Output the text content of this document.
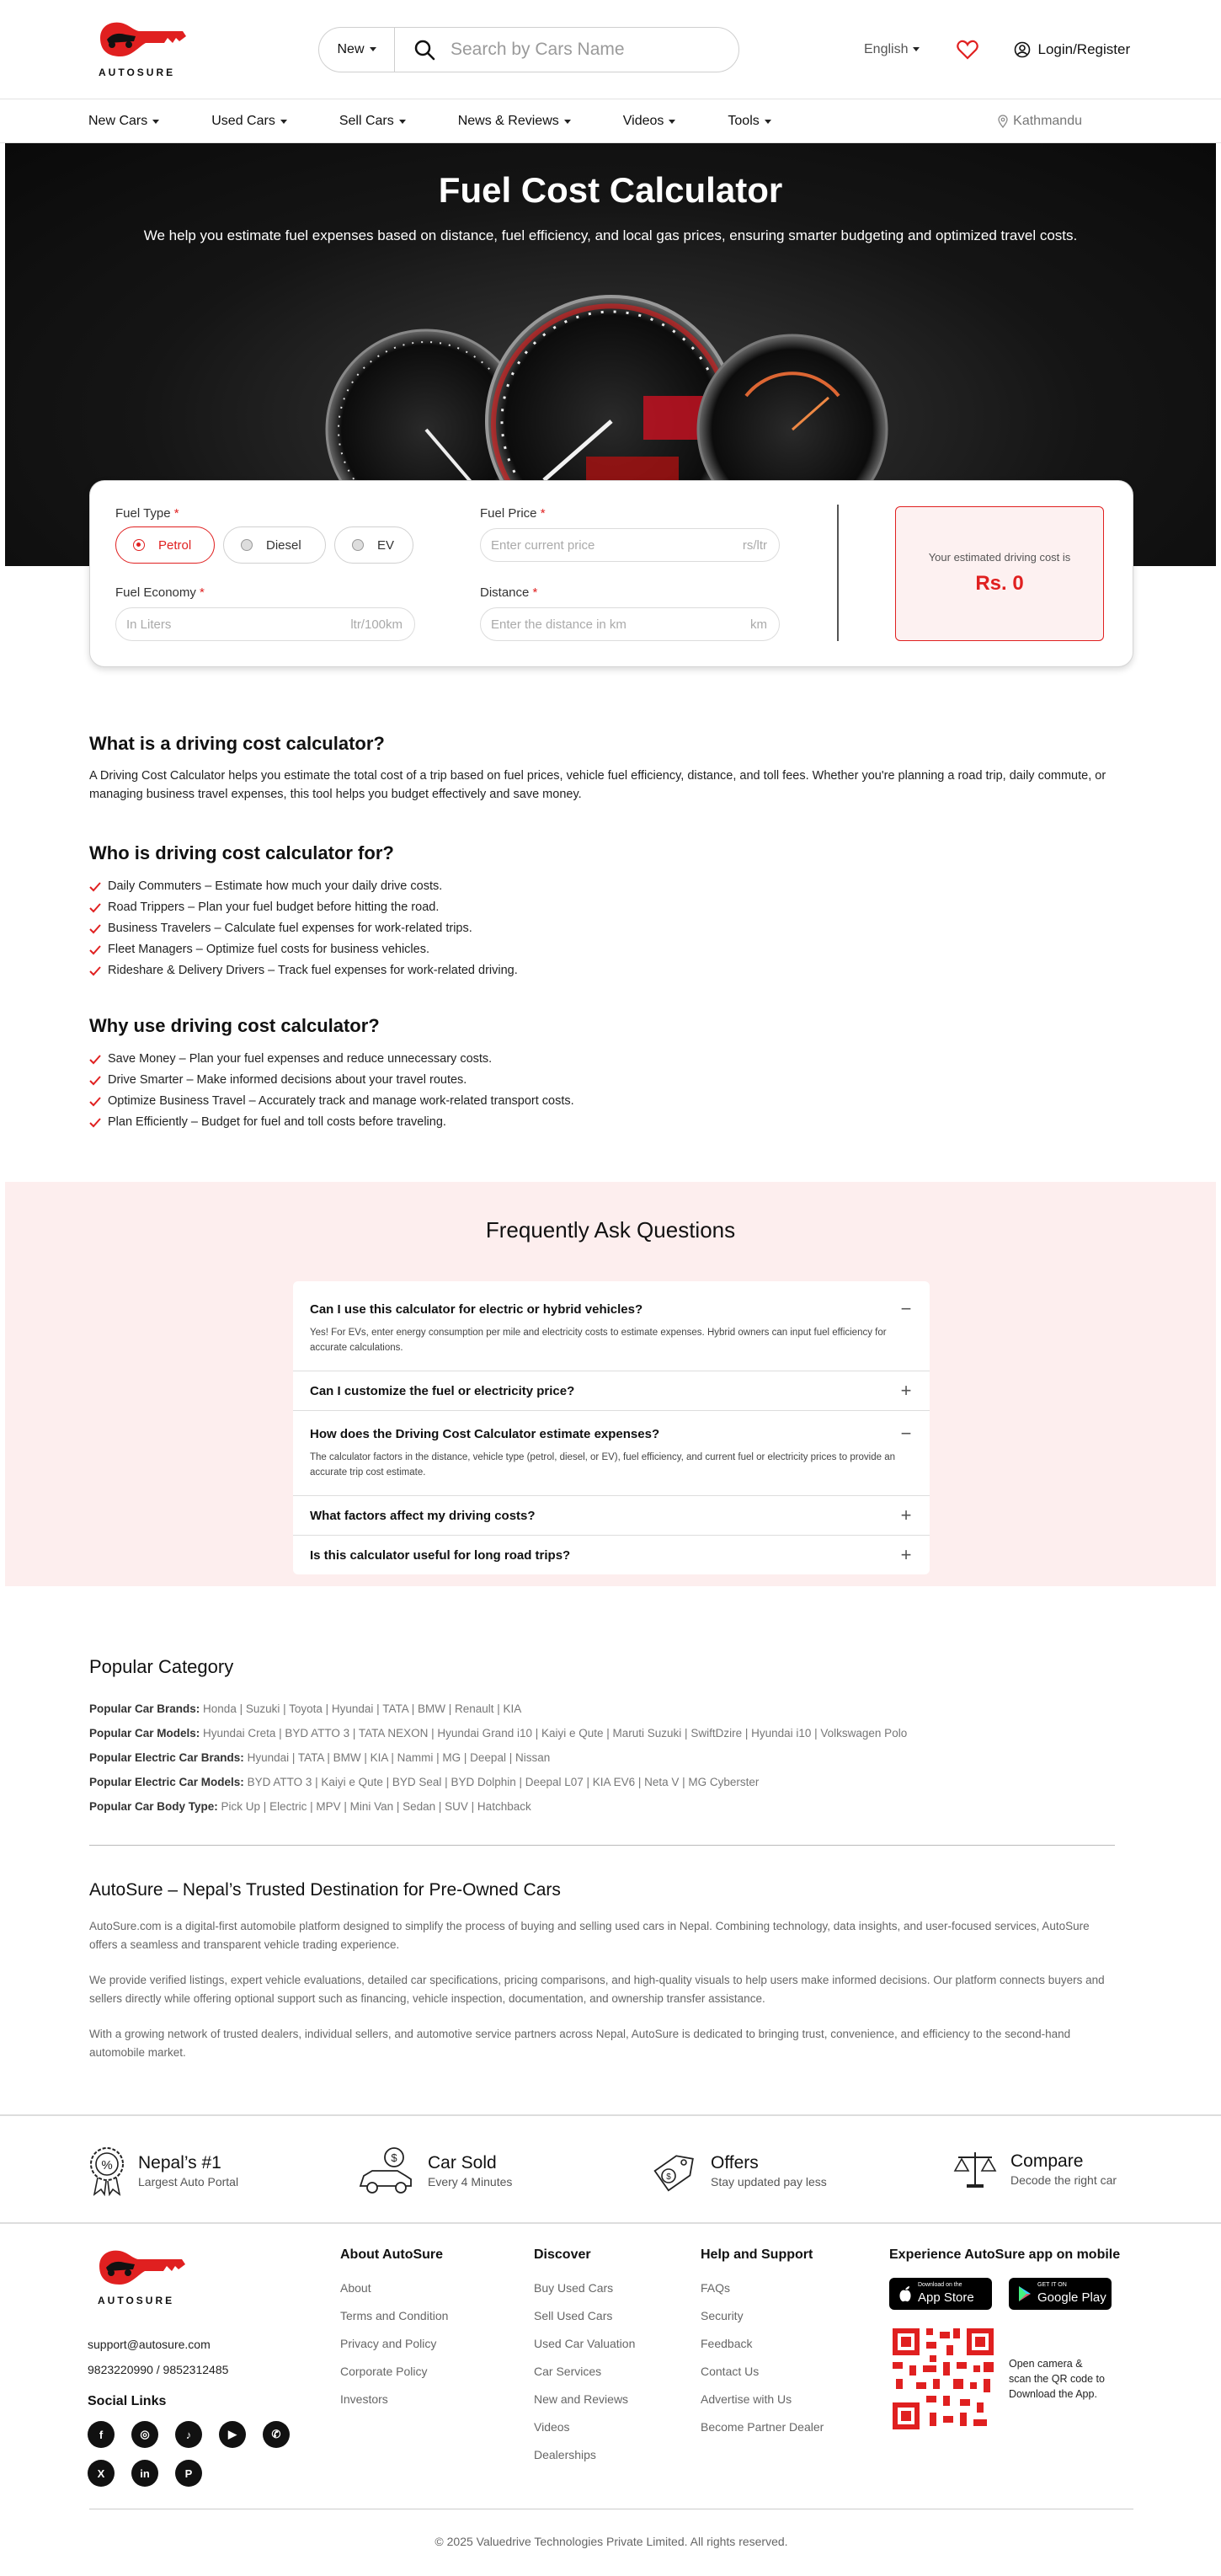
AUTOSURE
New
Search by Cars Name	English	Login/Register
New Cars	Used Cars	Sell Cars	News & Reviews	Videos	Tools	Kathmandu
Fuel Cost Calculator

We help you estimate fuel expenses based on distance, fuel efficiency, and local gas prices, ensuring smarter budgeting and optimized travel costs.

Fuel Type *
Petrol	Diesel	EV
Fuel Price *
Enter current price	rs/ltr
Fuel Economy *
In Liters	ltr/100km
Distance *
Enter the distance in km	km
Your estimated driving cost is
Rs. 0
What is a driving cost calculator?

A Driving Cost Calculator helps you estimate the total cost of a trip based on fuel prices, vehicle fuel efficiency, distance, and toll fees. Whether you're planning a road trip, daily commute, or managing business travel expenses, this tool helps you budget effectively and save money.

Who is driving cost calculator for?
Daily Commuters – Estimate how much your daily drive costs.
Road Trippers – Plan your fuel budget before hitting the road.
Business Travelers – Calculate fuel expenses for work-related trips.
Fleet Managers – Optimize fuel costs for business vehicles.
Rideshare & Delivery Drivers – Track fuel expenses for work-related driving.
Why use driving cost calculator?
Save Money – Plan your fuel expenses and reduce unnecessary costs.
Drive Smarter – Make informed decisions about your travel routes.
Optimize Business Travel – Accurately track and manage work-related transport costs.
Plan Efficiently – Budget for fuel and toll costs before traveling.
Frequently Ask Questions
Can I use this calculator for electric or hybrid vehicles?	−
Yes! For EVs, enter energy consumption per mile and electricity costs to estimate expenses. Hybrid owners can input fuel efficiency for accurate calculations.
Can I customize the fuel or electricity price?	+
How does the Driving Cost Calculator estimate expenses?	−
The calculator factors in the distance, vehicle type (petrol, diesel, or EV), fuel efficiency, and current fuel or electricity prices to provide an accurate trip cost estimate.
What factors affect my driving costs?	+
Is this calculator useful for long road trips?	+
Popular Category
Popular Car Brands: Honda | Suzuki | Toyota | Hyundai | TATA | BMW | Renault | KIA
Popular Car Models: Hyundai Creta | BYD ATTO 3 | TATA NEXON | Hyundai Grand i10 | Kaiyi e Qute | Maruti Suzuki | SwiftDzire | Hyundai i10 | Volkswagen Polo
Popular Electric Car Brands: Hyundai | TATA | BMW | KIA | Nammi | MG | Deepal | Nissan
Popular Electric Car Models: BYD ATTO 3 | Kaiyi e Qute | BYD Seal | BYD Dolphin | Deepal L07 | KIA EV6 | Neta V | MG Cyberster
Popular Car Body Type: Pick Up | Electric | MPV | Mini Van | Sedan | SUV | Hatchback
AutoSure – Nepal’s Trusted Destination for Pre-Owned Cars

AutoSure.com is a digital-first automobile platform designed to simplify the process of buying and selling used cars in Nepal. Combining technology, data insights, and user-focused services, AutoSure offers a seamless and transparent vehicle trading experience.

We provide verified listings, expert vehicle evaluations, detailed car specifications, pricing comparisons, and high-quality visuals to help users make informed decisions. Our platform connects buyers and sellers directly while offering optional support such as financing, vehicle inspection, documentation, and ownership transfer assistance.

With a growing network of trusted dealers, individual sellers, and automotive service partners across Nepal, AutoSure is dedicated to bringing trust, convenience, and efficiency to the second-hand automobile market.

% Nepal’s #1
Largest Auto Portal
$ Car Sold
Every 4 Minutes	$
Offers
Stay updated pay less
Compare
Decode the right car
AUTOSURE
support@autosure.com
9823220990 / 9852312485
Social Links
f	◎	♪	▶	✆
X	in	P
About AutoSure
About
Terms and Condition
Privacy and Policy
Corporate Policy
Investors
Discover
Buy Used Cars
Sell Used Cars
Used Car Valuation
Car Services
New and Reviews
Videos
Dealerships
Help and Support
FAQs
Security
Feedback
Contact Us
Advertise with Us
Become Partner Dealer
Experience AutoSure app on mobile
Download on the
App Store
GET IT ON
Google Play
Open camera & scan the QR code to Download the App.
© 2025 Valuedrive Technologies Private Limited. All rights reserved.
